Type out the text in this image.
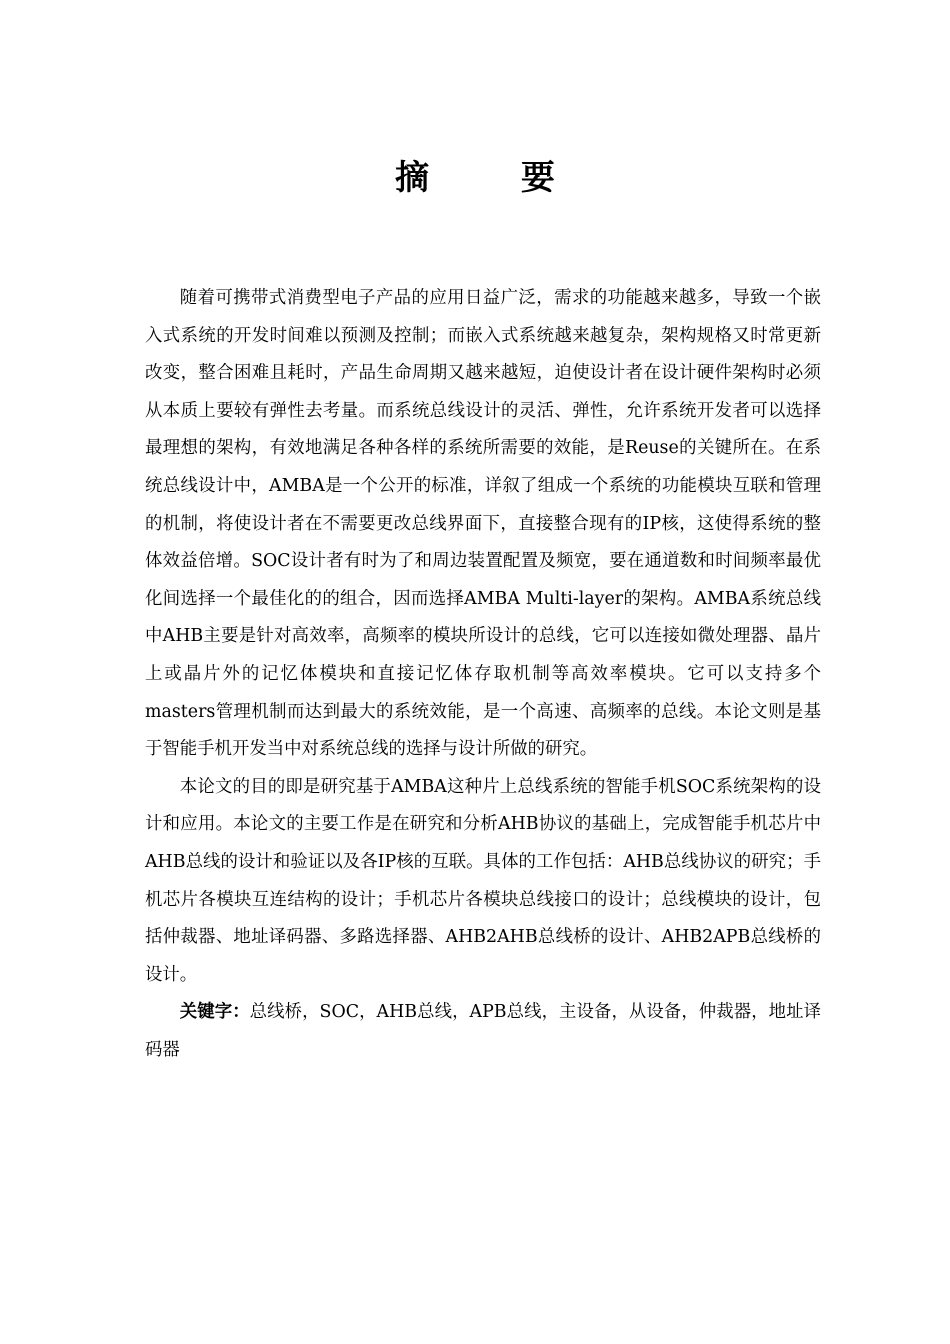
摘 要

随着可携带式消费型电子产品的应用日益广泛，需求的功能越来越多，导致一个嵌入式系统的开发时间难以预测及控制；而嵌入式系统越来越复杂，架构规格又时常更新改变，整合困难且耗时，产品生命周期又越来越短，迫使设计者在设计硬件架构时必须从本质上要较有弹性去考量。而系统总线设计的灵活、弹性，允许系统开发者可以选择最理想的架构，有效地满足各种各样的系统所需要的效能，是Reuse的关键所在。在系统总线设计中，AMBA是一个公开的标准，详叙了组成一个系统的功能模块互联和管理的机制，将使设计者在不需要更改总线界面下，直接整合现有的IP核，这使得系统的整体效益倍增。SOC设计者有时为了和周边装置配置及频宽，要在通道数和时间频率最优化间选择一个最佳化的的组合，因而选择AMBA Multi-layer的架构。AMBA系统总线中AHB主要是针对高效率，高频率的模块所设计的总线，它可以连接如微处理器、晶片上或晶片外的记忆体模块和直接记忆体存取机制等高效率模块。它可以支持多个masters管理机制而达到最大的系统效能，是一个高速、高频率的总线。本论文则是基于智能手机开发当中对系统总线的选择与设计所做的研究。

本论文的目的即是研究基于AMBA这种片上总线系统的智能手机SOC系统架构的设计和应用。本论文的主要工作是在研究和分析AHB协议的基础上，完成智能手机芯片中AHB总线的设计和验证以及各IP核的互联。具体的工作包括：AHB总线协议的研究；手机芯片各模块互连结构的设计；手机芯片各模块总线接口的设计；总线模块的设计，包括仲裁器、地址译码器、多路选择器、AHB2AHB总线桥的设计、AHB2APB总线桥的设计。

关键字：总线桥，SOC，AHB总线，APB总线，主设备，从设备，仲裁器，地址译码器
